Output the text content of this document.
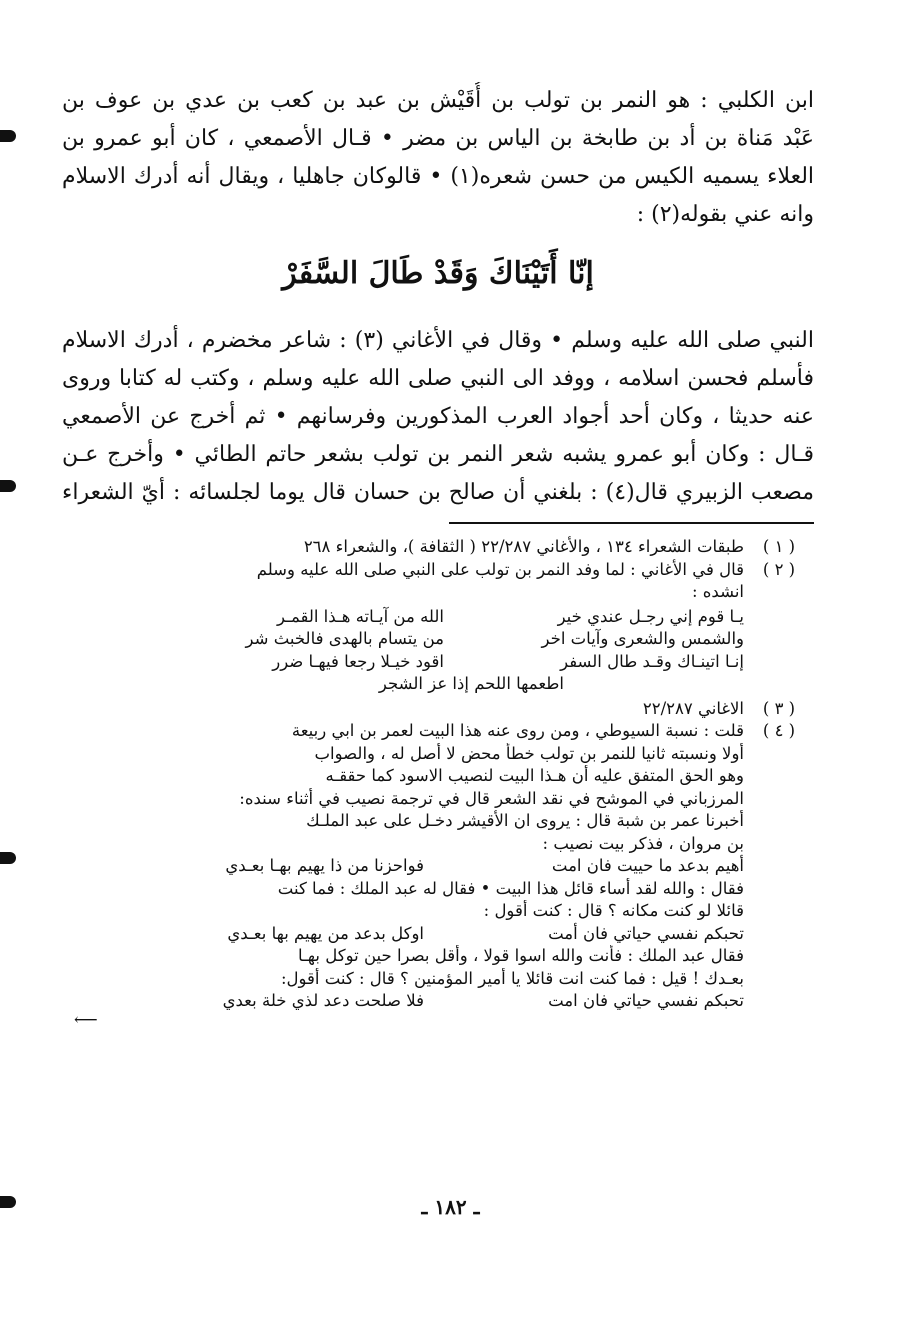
ابن الكلبي : هو النمر بن تولب بن أُقَيْش بن عبد بن كعب بن عدي بن عوف بن
عَبْد مَناة بن أد بن طابخة بن الياس بن مضر • قـال الأصمعي ، كان أبو عمرو بن
العلاء يسميه الكيس من حسن شعره(١) • قالوكان جاهليا ، ويقال أنه أدرك الاسلام
وانه عني بقوله(٢) :

إنّا أَتَيْنَاكَ وَقَدْ طَالَ السَّفَرْ

النبي صلى الله عليه وسلم • وقال في الأغاني (٣) : شاعر مخضرم ، أدرك الاسلام
فأسلم فحسن اسلامه ، ووفد الى النبي صلى الله عليه وسلم ، وكتب له كتابا وروى
عنه حديثا ، وكان أحد أجواد العرب المذكورين وفرسانهم • ثم أخرج عن الأصمعي
قـال : وكان أبو عمرو يشبه شعر النمر بن تولب بشعر حاتم الطائي • وأخرج عـن
مصعب الزبيري قال(٤) : بلغني أن صالح بن حسان قال يوما لجلسائه : أيّ الشعراء

( ١ )
طبقات الشعراء ١٣٤ ، والأغاني ٢٢/٢٨٧ ( الثقافة )، والشعراء ٢٦٨
( ٢ )
قال في الأغاني : لما وفد النمر بن تولب على النبي صلى الله عليه وسلم
انشده :
يـا قوم إني رجـل عندي خير
الله من آيـاته هـذا القمـر
والشمس والشعرى وآيات اخر
من يتسام بالهدى فالخبث شر
إنـا اتينـاك وقـد طال السفر
اقود خيـلا رجعا فيهـا ضرر
اطعمها اللحم إذا عز الشجر
( ٣ )
الاغاني ٢٢/٢٨٧
( ٤ )
قلت : نسبة السيوطي ، ومن روى عنه هذا البيت لعمر بن ابي ربيعة
أولا ونسبته ثانيا للنمر بن تولب خطأ محض لا أصل له ، والصواب
وهو الحق المتفق عليه أن هـذا البيت لنصيب الاسود كما حققـه
المرزباني في الموشح في نقد الشعر قال في ترجمة نصيب في أثناء سنده:
أخبرنا عمر بن شبة قال : يروى ان الأقيشر دخـل على عبد الملـك
بن مروان ، فذكر بيت نصيب :
أهيم بدعد ما حييت فان امت
فواحزنا من ذا يهيم بهـا بعـدي
فقال : والله لقد أساء قائل هذا البيت • فقال له عبد الملك : فما كنت
قائلا لو كنت مكانه ؟ قال : كنت أقول :
تحبكم نفسي حياتي فان أمت
اوكل بدعد من يهيم بها بعـدي
فقال عبد الملك : فأنت والله اسوا قولا ، وأقل بصرا حين توكل بهـا
بعـدك ! قيل : فما كنت انت قائلا يا أمير المؤمنين ؟ قال : كنت أقول:
تحبكم نفسي حياتي فان امت
فلا صلحت دعد لذي خلة بعدي
⟵
ـ ١٨٢ ـ
